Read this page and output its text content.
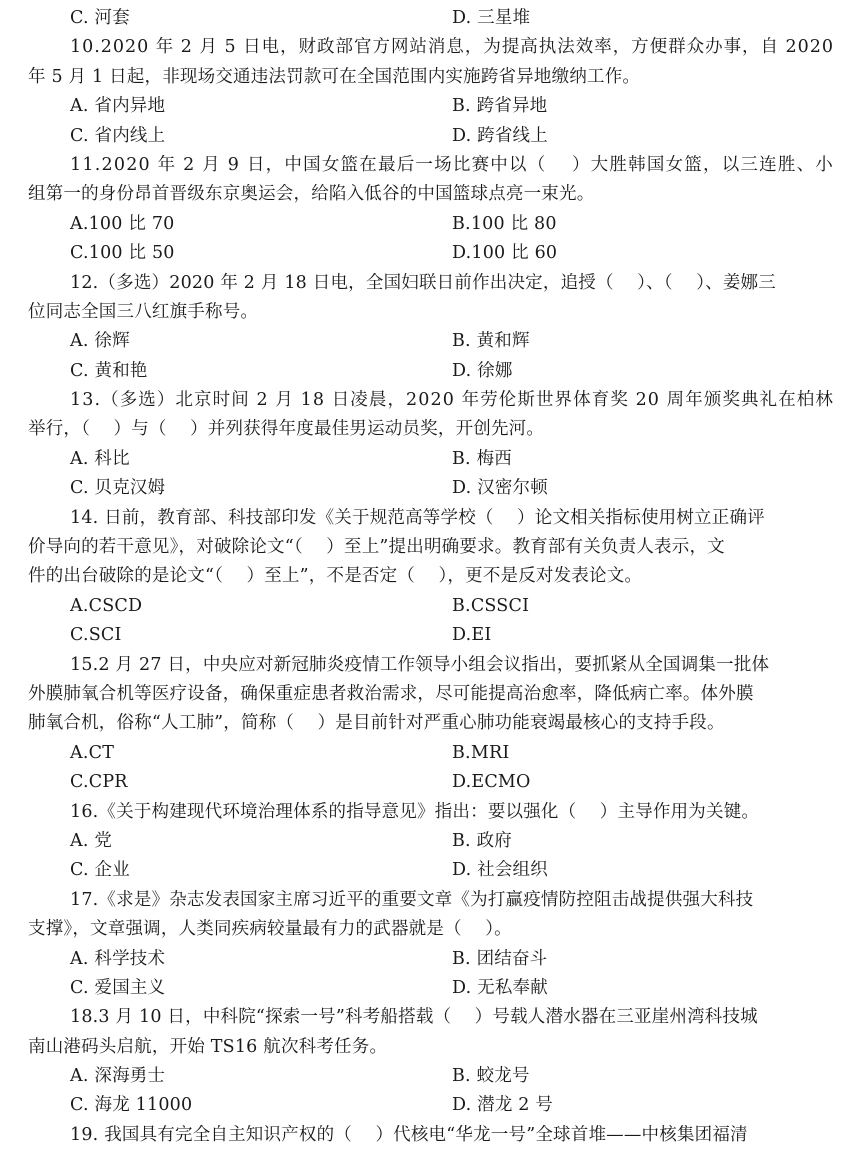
C. 河套	D. 三星堆
10.2020 年 2 月 5 日电，财政部官方网站消息，为提高执法效率，方便群众办事，自 2020
年 5 月 1 日起，非现场交通违法罚款可在全国范围内实施跨省异地缴纳工作。
A. 省内异地	B. 跨省异地
C. 省内线上	D. 跨省线上
11.2020 年 2 月 9 日，中国女篮在最后一场比赛中以（　 ）大胜韩国女篮，以三连胜、小
组第一的身份昂首晋级东京奥运会，给陷入低谷的中国篮球点亮一束光。
A.100 比 70	B.100 比 80
C.100 比 50	D.100 比 60
12.（多选）2020 年 2 月 18 日电，全国妇联日前作出决定，追授（　 ）、（　 ）、姜娜三
位同志全国三八红旗手称号。
A. 徐辉	B. 黄和辉
C. 黄和艳	D. 徐娜
13.（多选）北京时间 2 月 18 日凌晨，2020 年劳伦斯世界体育奖 20 周年颁奖典礼在柏林
举行，（　 ）与（　 ）并列获得年度最佳男运动员奖，开创先河。
A. 科比	B. 梅西
C. 贝克汉姆	D. 汉密尔顿
14. 日前，教育部、科技部印发《关于规范高等学校（　 ）论文相关指标使用树立正确评
价导向的若干意见》，对破除论文“（　 ）至上”提出明确要求。教育部有关负责人表示，文
件的出台破除的是论文“（　 ）至上”，不是否定（　 ），更不是反对发表论文。
A.CSCD	B.CSSCI
C.SCI	D.EI
15.2 月 27 日，中央应对新冠肺炎疫情工作领导小组会议指出，要抓紧从全国调集一批体
外膜肺氧合机等医疗设备，确保重症患者救治需求，尽可能提高治愈率，降低病亡率。体外膜
肺氧合机，俗称“人工肺”，简称（　 ）是目前针对严重心肺功能衰竭最核心的支持手段。
A.CT	B.MRI
C.CPR	D.ECMO
16.《关于构建现代环境治理体系的指导意见》指出：要以强化（　 ）主导作用为关键。
A. 党	B. 政府
C. 企业	D. 社会组织
17.《求是》杂志发表国家主席习近平的重要文章《为打赢疫情防控阻击战提供强大科技
支撑》，文章强调，人类同疾病较量最有力的武器就是（　 ）。
A. 科学技术	B. 团结奋斗
C. 爱国主义	D. 无私奉献
18.3 月 10 日，中科院“探索一号”科考船搭载（　 ）号载人潜水器在三亚崖州湾科技城
南山港码头启航，开始 TS16 航次科考任务。
A. 深海勇士	B. 蛟龙号
C. 海龙 11000	D. 潜龙 2 号
19. 我国具有完全自主知识产权的（　 ）代核电“华龙一号”全球首堆——中核集团福清
